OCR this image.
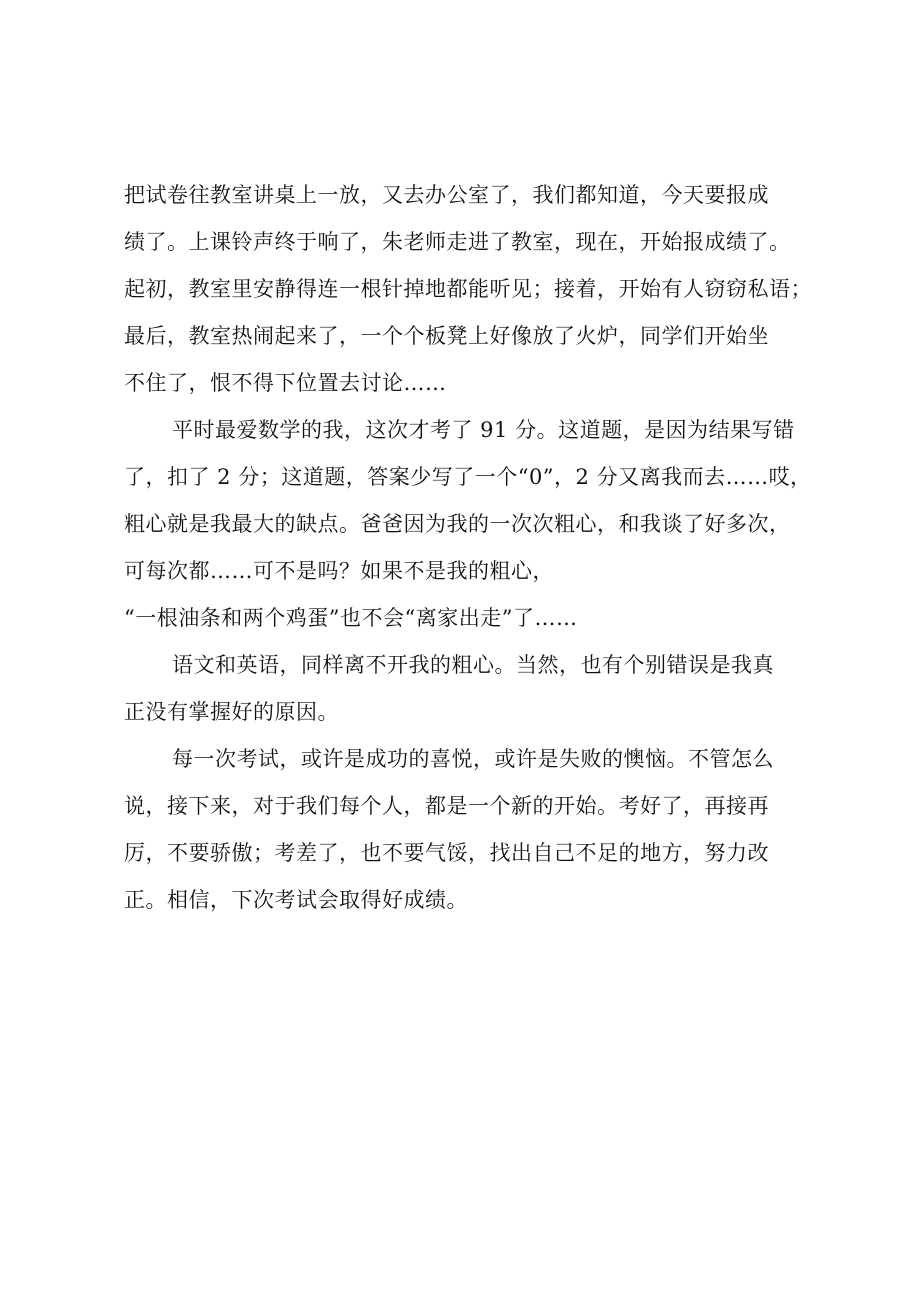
把试卷往教室讲桌上一放，又去办公室了，我们都知道，今天要报成
绩了。上课铃声终于响了，朱老师走进了教室，现在，开始报成绩了。
起初，教室里安静得连一根针掉地都能听见；接着，开始有人窃窃私语；
最后，教室热闹起来了，一个个板凳上好像放了火炉，同学们开始坐
不住了，恨不得下位置去讨论……
平时最爱数学的我，这次才考了 91 分。这道题，是因为结果写错
了，扣了 2 分；这道题，答案少写了一个“0”，2 分又离我而去……哎，
粗心就是我最大的缺点。爸爸因为我的一次次粗心，和我谈了好多次，
可每次都……可不是吗？如果不是我的粗心，
“一根油条和两个鸡蛋”也不会“离家出走”了……
语文和英语，同样离不开我的粗心。当然，也有个别错误是我真
正没有掌握好的原因。
每一次考试，或许是成功的喜悦，或许是失败的懊恼。不管怎么
说，接下来，对于我们每个人，都是一个新的开始。考好了，再接再
厉，不要骄傲；考差了，也不要气馁，找出自己不足的地方，努力改
正。相信，下次考试会取得好成绩。
